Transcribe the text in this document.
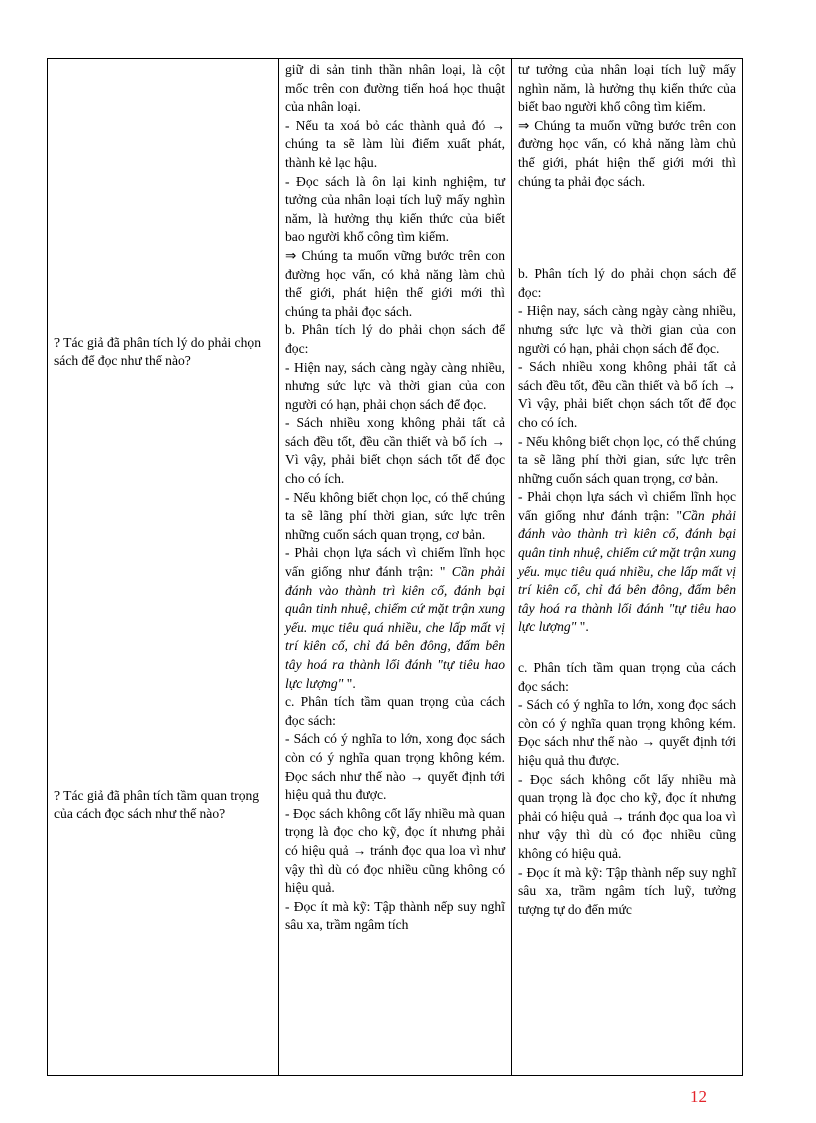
? Tác giả đã phân tích lý do phải chọn sách để đọc như thế nào?
? Tác giả đã phân tích tầm quan trọng của cách đọc sách như thế nào?

giữ di sản tinh thần nhân loại, là cột mốc trên con đường tiến hoá học thuật của nhân loại.

- Nếu ta xoá bỏ các thành quả đó → chúng ta sẽ làm lùi điểm xuất phát, thành kẻ lạc hậu.

- Đọc sách là ôn lại kinh nghiệm, tư tưởng của nhân loại tích luỹ mấy nghìn năm, là hưởng thụ kiến thức của biết bao người khổ công tìm kiếm.

⇒ Chúng ta muốn vững bước trên con đường học vấn, có khả năng làm chủ thế giới, phát hiện thế giới mới thì chúng ta phải đọc sách.

b. Phân tích lý do phải chọn sách để đọc:

- Hiện nay, sách càng ngày càng nhiều, nhưng sức lực và thời gian của con người có hạn, phải chọn sách để đọc.

- Sách nhiều xong không phải tất cả sách đều tốt, đều cần thiết và bổ ích → Vì vậy, phải biết chọn sách tốt để đọc cho có ích.

- Nếu không biết chọn lọc, có thể chúng ta sẽ lãng phí thời gian, sức lực trên những cuốn sách quan trọng, cơ bản.

- Phải chọn lựa sách vì chiếm lĩnh học vấn giống như đánh trận: " Cần phải đánh vào thành trì kiên cố, đánh bại quân tinh nhuệ, chiếm cứ mặt trận xung yếu. mục tiêu quá nhiều, che lấp mất vị trí kiên cố, chỉ đá bên đông, đấm bên tây hoá ra thành lối đánh "tự tiêu hao lực lượng" ".

c. Phân tích tầm quan trọng của cách đọc sách:

- Sách có ý nghĩa to lớn, xong đọc sách còn có ý nghĩa quan trọng không kém. Đọc sách như thế nào → quyết định tới hiệu quả thu được.

- Đọc sách không cốt lấy nhiều mà quan trọng là đọc cho kỹ, đọc ít nhưng phải có hiệu quả → tránh đọc qua loa vì như vậy thì dù có đọc nhiều cũng không có hiệu quả.

- Đọc ít mà kỹ: Tập thành nếp suy nghĩ sâu xa, trầm ngâm tích

tư tưởng của nhân loại tích luỹ mấy nghìn năm, là hưởng thụ kiến thức của biết bao người khổ công tìm kiếm.

⇒ Chúng ta muốn vững bước trên con đường học vấn, có khả năng làm chủ thế giới, phát hiện thế giới mới thì chúng ta phải đọc sách.

b. Phân tích lý do phải chọn sách để đọc:

- Hiện nay, sách càng ngày càng nhiều, nhưng sức lực và thời gian của con người có hạn, phải chọn sách để đọc.

- Sách nhiều xong không phải tất cả sách đều tốt, đều cần thiết và bổ ích → Vì vậy, phải biết chọn sách tốt để đọc cho có ích.

- Nếu không biết chọn lọc, có thể chúng ta sẽ lãng phí thời gian, sức lực trên những cuốn sách quan trọng, cơ bản.

- Phải chọn lựa sách vì chiếm lĩnh học vấn giống như đánh trận: "Cần phải đánh vào thành trì kiên cố, đánh bại quân tinh nhuệ, chiếm cứ mặt trận xung yếu. mục tiêu quá nhiều, che lấp mất vị trí kiên cố, chỉ đá bên đông, đấm bên tây hoá ra thành lối đánh "tự tiêu hao lực lượng" ".

c. Phân tích tầm quan trọng của cách đọc sách:

- Sách có ý nghĩa to lớn, xong đọc sách còn có ý nghĩa quan trọng không kém. Đọc sách như thế nào → quyết định tới hiệu quả thu được.

- Đọc sách không cốt lấy nhiều mà quan trọng là đọc cho kỹ, đọc ít nhưng phải có hiệu quả → tránh đọc qua loa vì như vậy thì dù có đọc nhiều cũng không có hiệu quả.

- Đọc ít mà kỹ: Tập thành nếp suy nghĩ sâu xa, trầm ngâm tích luỹ, tưởng tượng tự do đến mức

12
